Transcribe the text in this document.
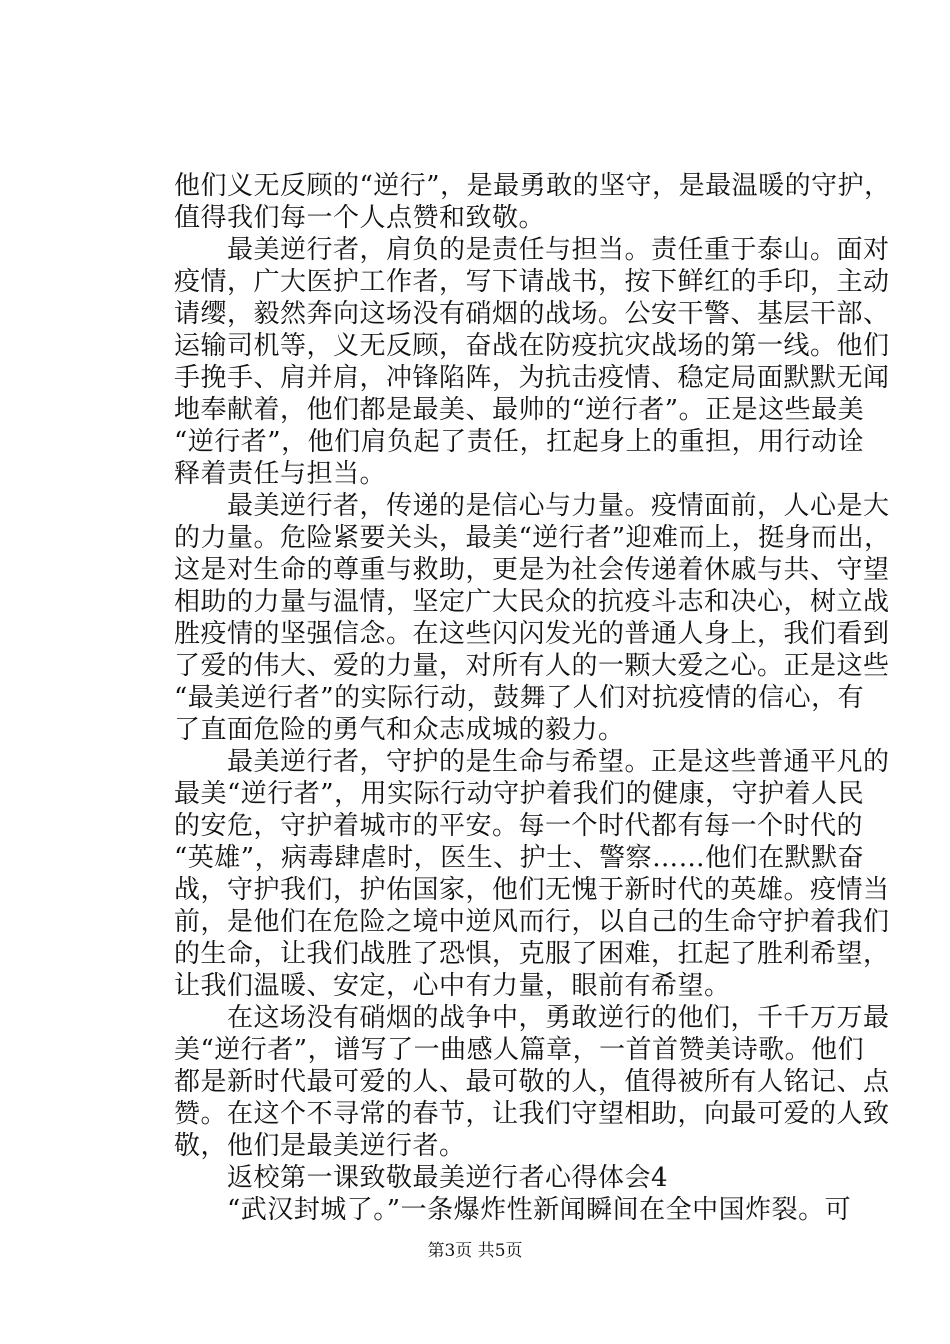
他们义无反顾的“逆行”，是最勇敢的坚守，是最温暖的守护，
值得我们每一个人点赞和致敬。
　　最美逆行者，肩负的是责任与担当。责任重于泰山。面对
疫情，广大医护工作者，写下请战书，按下鲜红的手印，主动
请缨，毅然奔向这场没有硝烟的战场。公安干警、基层干部、
运输司机等，义无反顾，奋战在防疫抗灾战场的第一线。他们
手挽手、肩并肩，冲锋陷阵，为抗击疫情、稳定局面默默无闻
地奉献着，他们都是最美、最帅的“逆行者”。正是这些最美
“逆行者”，他们肩负起了责任，扛起身上的重担，用行动诠
释着责任与担当。
　　最美逆行者，传递的是信心与力量。疫情面前，人心是大
的力量。危险紧要关头，最美“逆行者”迎难而上，挺身而出，
这是对生命的尊重与救助，更是为社会传递着休戚与共、守望
相助的力量与温情，坚定广大民众的抗疫斗志和决心，树立战
胜疫情的坚强信念。在这些闪闪发光的普通人身上，我们看到
了爱的伟大、爱的力量，对所有人的一颗大爱之心。正是这些
“最美逆行者”的实际行动，鼓舞了人们对抗疫情的信心，有
了直面危险的勇气和众志成城的毅力。
　　最美逆行者，守护的是生命与希望。正是这些普通平凡的
最美“逆行者”，用实际行动守护着我们的健康，守护着人民
的安危，守护着城市的平安。每一个时代都有每一个时代的
“英雄”，病毒肆虐时，医生、护士、警察……他们在默默奋
战，守护我们，护佑国家，他们无愧于新时代的英雄。疫情当
前，是他们在危险之境中逆风而行，以自己的生命守护着我们
的生命，让我们战胜了恐惧，克服了困难，扛起了胜利希望，
让我们温暖、安定，心中有力量，眼前有希望。
　　在这场没有硝烟的战争中，勇敢逆行的他们，千千万万最
美“逆行者”，谱写了一曲感人篇章，一首首赞美诗歌。他们
都是新时代最可爱的人、最可敬的人，值得被所有人铭记、点
赞。在这个不寻常的春节，让我们守望相助，向最可爱的人致
敬，他们是最美逆行者。
　　返校第一课致敬最美逆行者心得体会4
　　“武汉封城了。”一条爆炸性新闻瞬间在全中国炸裂。可
第3页 共5页
